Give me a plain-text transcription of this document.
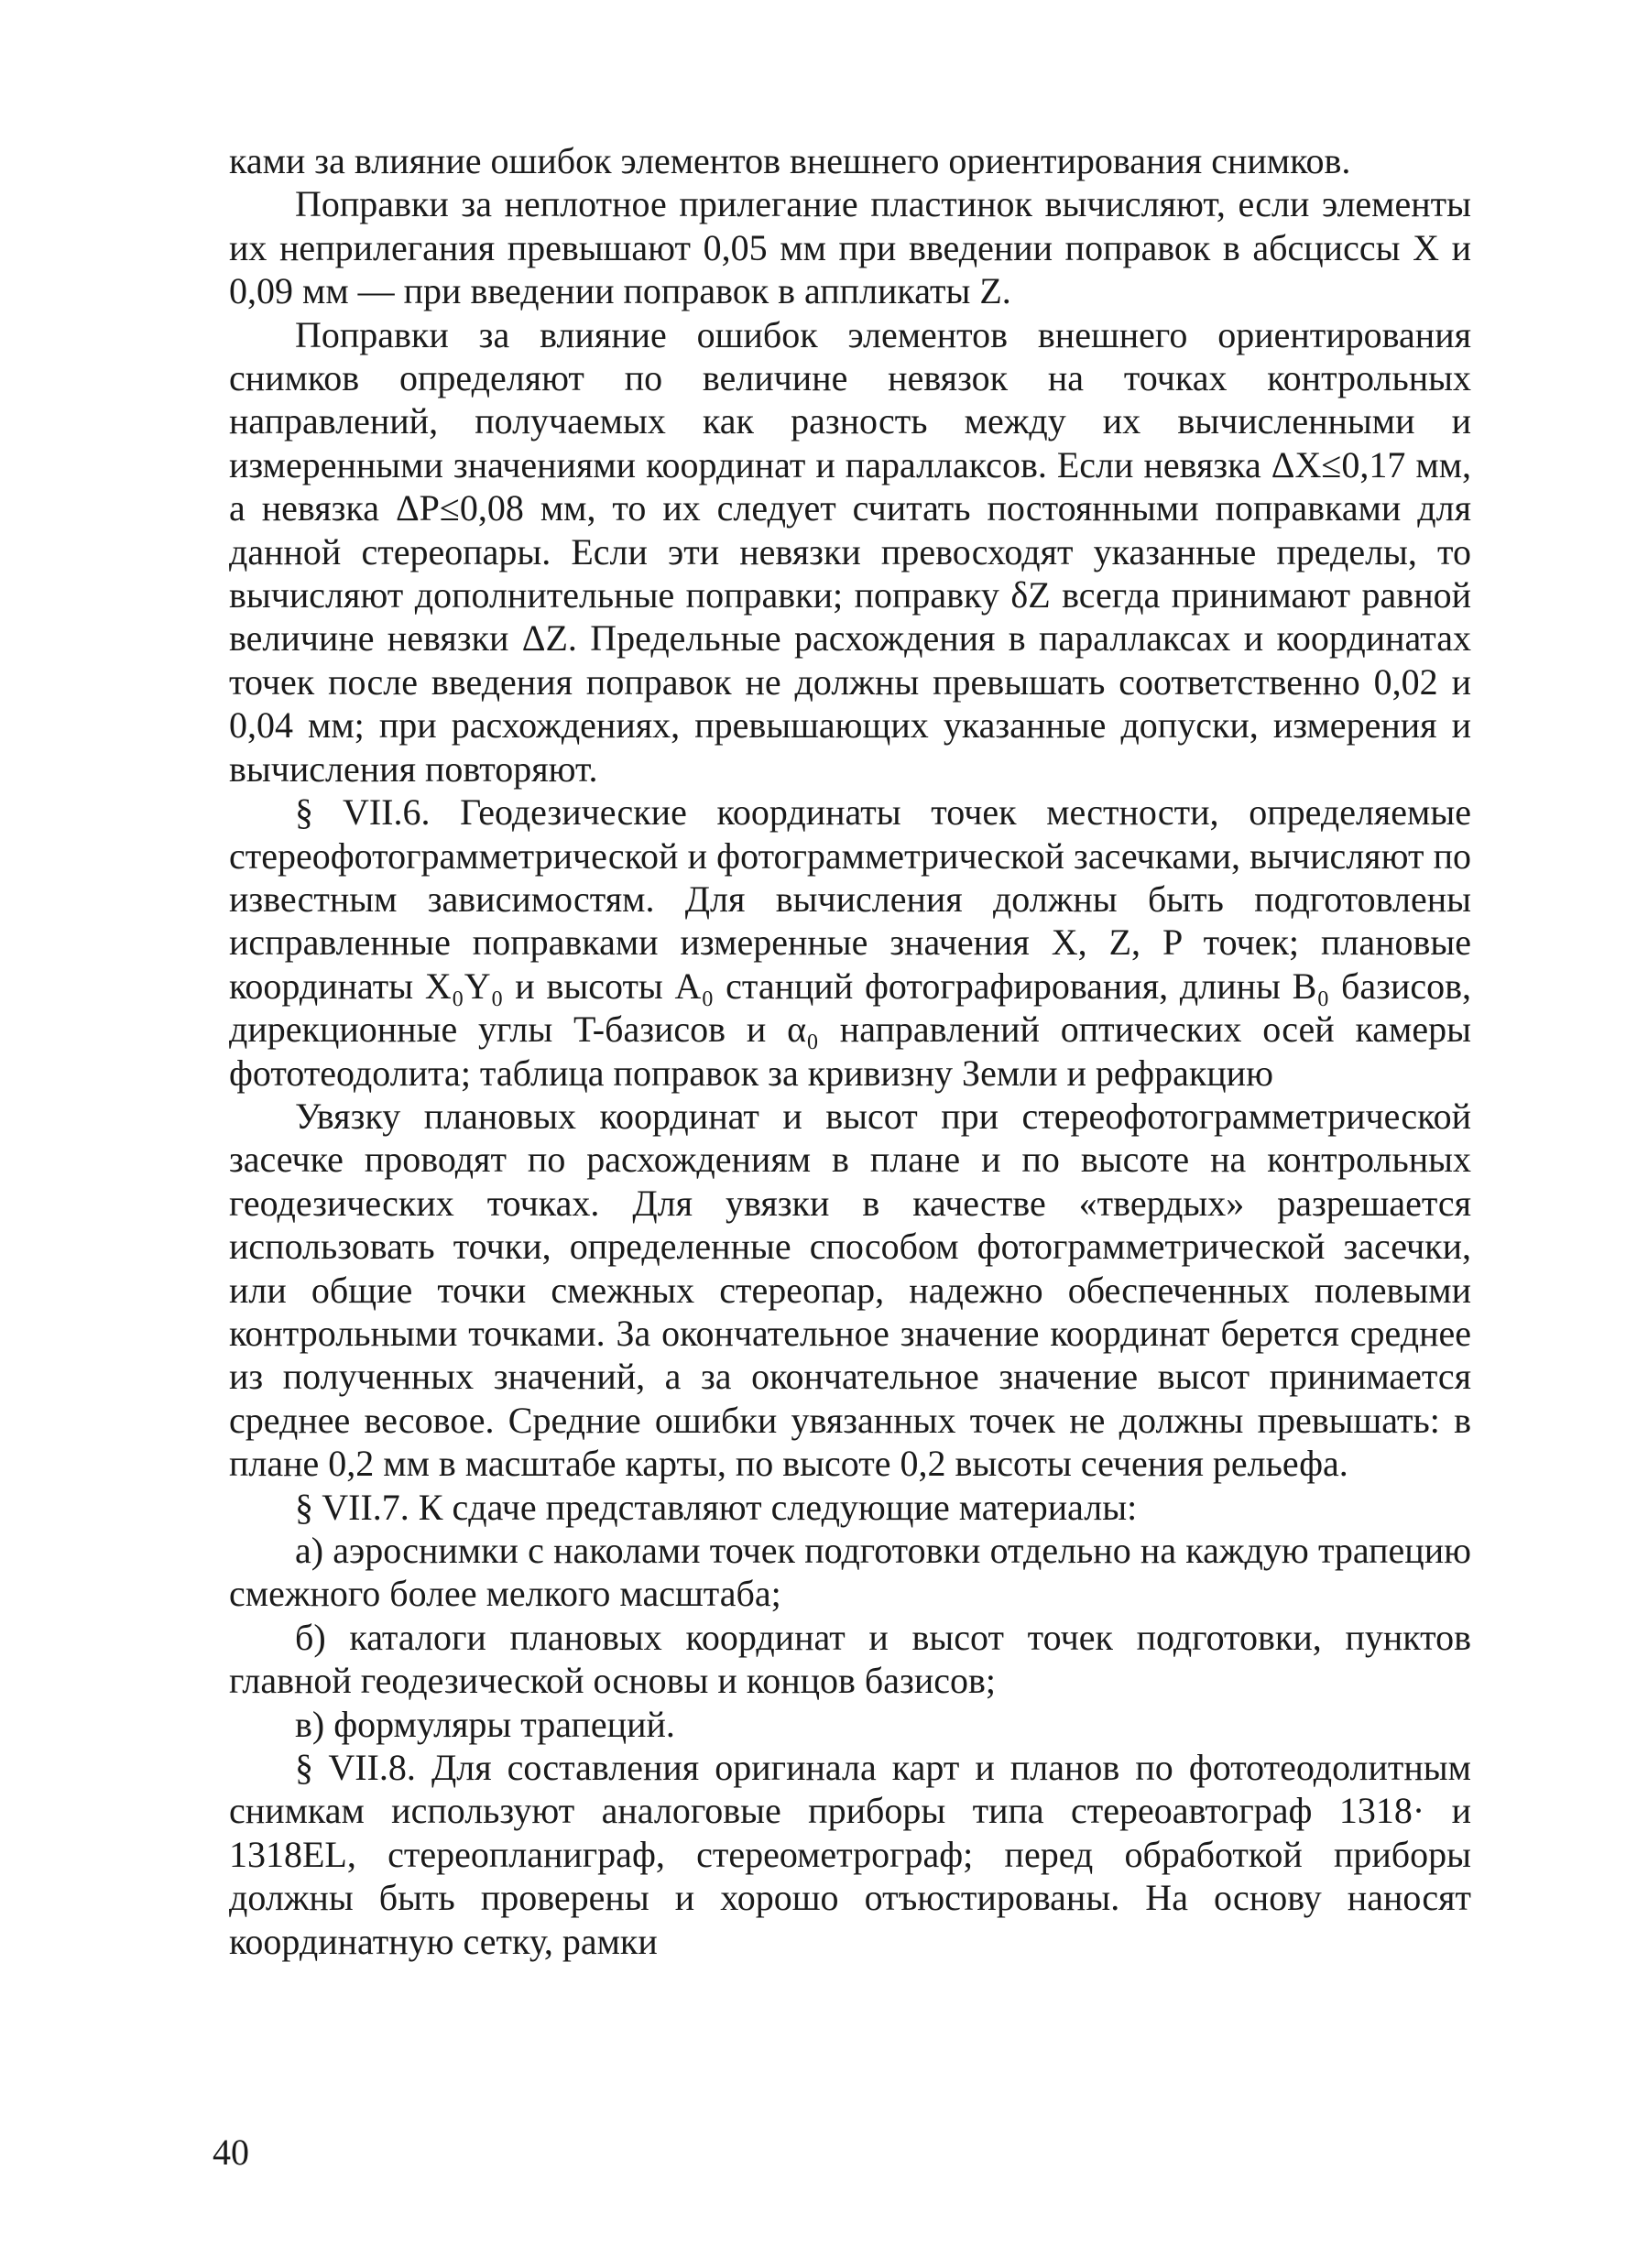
ками за влияние ошибок элементов внешнего ориентирования снимков.

Поправки за неплотное прилегание пластинок вычисляют, если элементы их неприлегания превышают 0,05 мм при введении поправок в абсциссы X и 0,09 мм — при введении поправок в аппликаты Z.

Поправки за влияние ошибок элементов внешнего ориентирования снимков определяют по величине невязок на точках контрольных направлений, получаемых как разность между их вычисленными и измеренными значениями координат и параллаксов. Если невязка ΔX≤0,17 мм, а невязка ΔP≤0,08 мм, то их следует считать постоянными поправками для данной стереопары. Если эти невязки превосходят указанные пределы, то вычисляют дополнительные поправки; поправку δZ всегда принимают равной величине невязки ΔZ. Предельные расхождения в параллаксах и координатах точек после введения поправок не должны превышать соответственно 0,02 и 0,04 мм; при расхождениях, превышающих указанные допуски, измерения и вычисления повторяют.

§ VII.6. Геодезические координаты точек местности, определяемые стереофотограмметрической и фотограмметрической засечками, вычисляют по известным зависимостям. Для вычисления должны быть подготовлены исправленные поправками измеренные значения X, Z, P точек; плановые координаты X₀Y₀ и высоты A₀ станций фотографирования, длины B₀ базисов, дирекционные углы T-базисов и α₀ направлений оптических осей камеры фототеодолита; таблица поправок за кривизну Земли и рефракцию

Увязку плановых координат и высот при стереофотограмметрической засечке проводят по расхождениям в плане и по высоте на контрольных геодезических точках. Для увязки в качестве «твердых» разрешается использовать точки, определенные способом фотограмметрической засечки, или общие точки смежных стереопар, надежно обеспеченных полевыми контрольными точками. За окончательное значение координат берется среднее из полученных значений, а за окончательное значение высот принимается среднее весовое. Средние ошибки увязанных точек не должны превышать: в плане 0,2 мм в масштабе карты, по высоте 0,2 высоты сечения рельефа.

§ VII.7. К сдаче представляют следующие материалы:

а) аэроснимки с наколами точек подготовки отдельно на каждую трапецию смежного более мелкого масштаба;

б) каталоги плановых координат и высот точек подготовки, пунктов главной геодезической основы и концов базисов;

в) формуляры трапеций.

§ VII.8. Для составления оригинала карт и планов по фототеодолитным снимкам используют аналоговые приборы типа стереоавтограф 1318· и 1318EL, стереопланиграф, стереометрограф; перед обработкой приборы должны быть проверены и хорошо отъюстированы. На основу наносят координатную сетку, рамки

40
